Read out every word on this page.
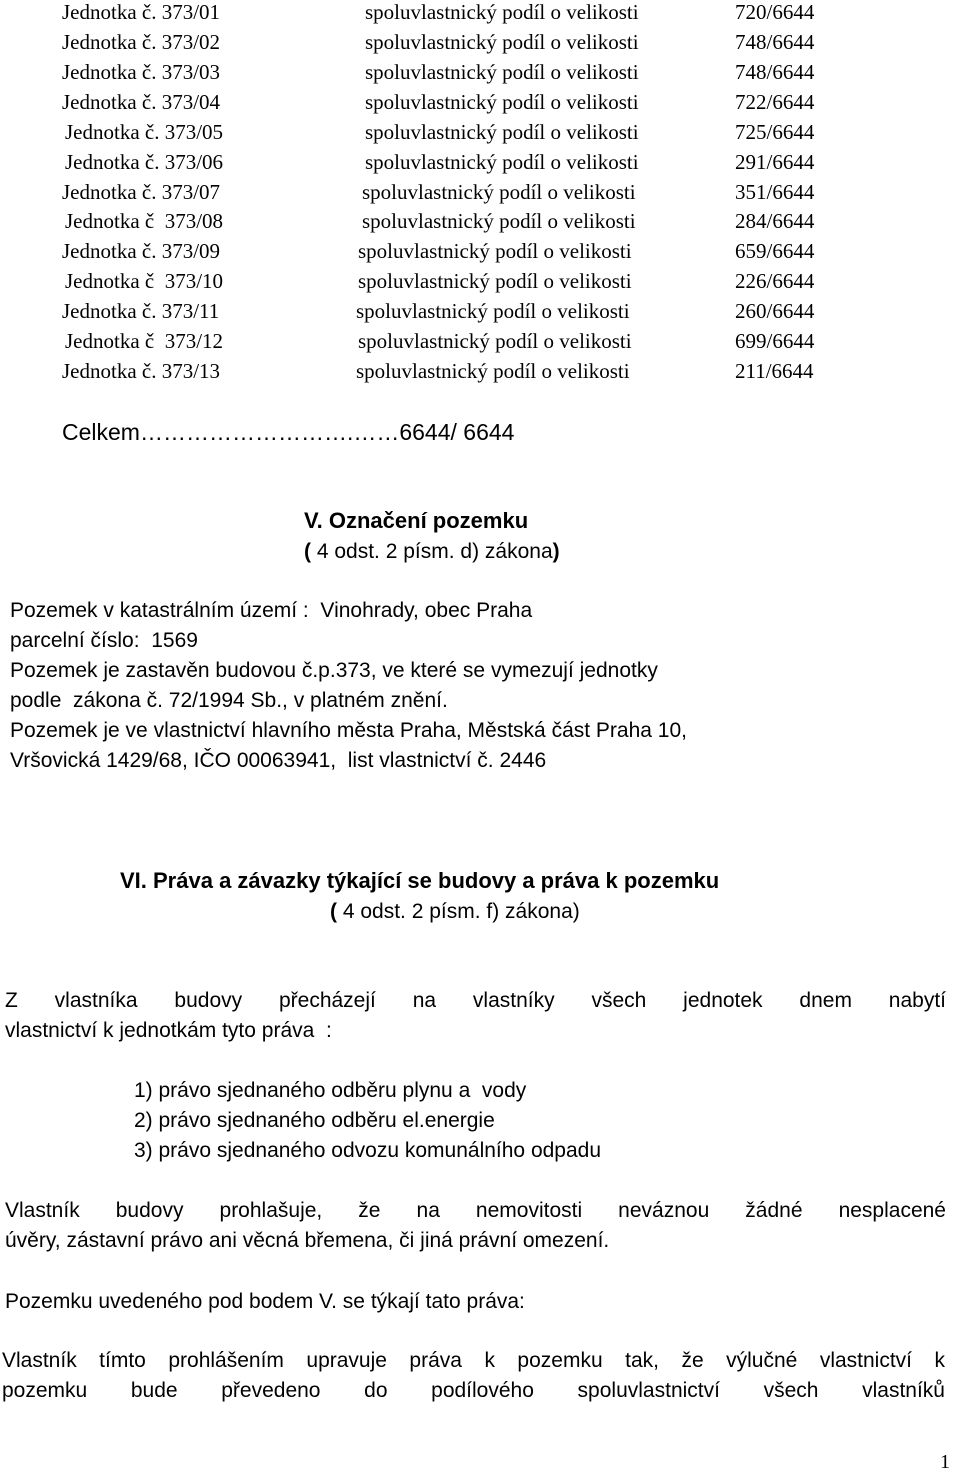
Jednotka č. 373/01	spoluvlastnický podíl o velikosti	720/6644
Jednotka č. 373/02	spoluvlastnický podíl o velikosti	748/6644
Jednotka č. 373/03	spoluvlastnický podíl o velikosti	748/6644
Jednotka č. 373/04	spoluvlastnický podíl o velikosti	722/6644
Jednotka č. 373/05	spoluvlastnický podíl o velikosti	725/6644
Jednotka č. 373/06	spoluvlastnický podíl o velikosti	291/6644
Jednotka č. 373/07	spoluvlastnický podíl o velikosti	351/6644
Jednotka č  373/08	spoluvlastnický podíl o velikosti	284/6644
Jednotka č. 373/09	spoluvlastnický podíl o velikosti	659/6644
Jednotka č  373/10	spoluvlastnický podíl o velikosti	226/6644
Jednotka č. 373/11	spoluvlastnický podíl o velikosti	260/6644
Jednotka č  373/12	spoluvlastnický podíl o velikosti	699/6644
Jednotka č. 373/13	spoluvlastnický podíl o velikosti	211/6644
Celkem……………………….……6644/ 6644
V. Označení pozemku
( 4 odst. 2 písm. d) zákona)
Pozemek v katastrálním území :  Vinohrady, obec Praha
parcelní číslo:  1569
Pozemek je zastavěn budovou č.p.373, ve které se vymezují jednotky
podle  zákona č. 72/1994 Sb., v platném znění.
Pozemek je ve vlastnictví hlavního města Praha, Městská část Praha 10,
Vršovická 1429/68, IČO 00063941,  list vlastnictví č. 2446
VI. Práva a závazky týkající se budovy a práva k pozemku
( 4 odst. 2 písm. f) zákona)
Z vlastníka budovy přecházejí na vlastníky všech jednotek dnem nabytí
vlastnictví k jednotkám tyto práva  :
1) právo sjednaného odběru plynu a  vody
2) právo sjednaného odběru el.energie
3) právo sjednaného odvozu komunálního odpadu
Vlastník budovy prohlašuje, že na nemovitosti neváznou žádné nesplacené
úvěry, zástavní právo ani věcná břemena, či jiná právní omezení.
Pozemku uvedeného pod bodem V. se týkají tato práva:
Vlastník tímto prohlášením upravuje práva k pozemku tak, že výlučné vlastnictví k
pozemku bude převedeno do podílového spoluvlastnictví všech vlastníků
1
